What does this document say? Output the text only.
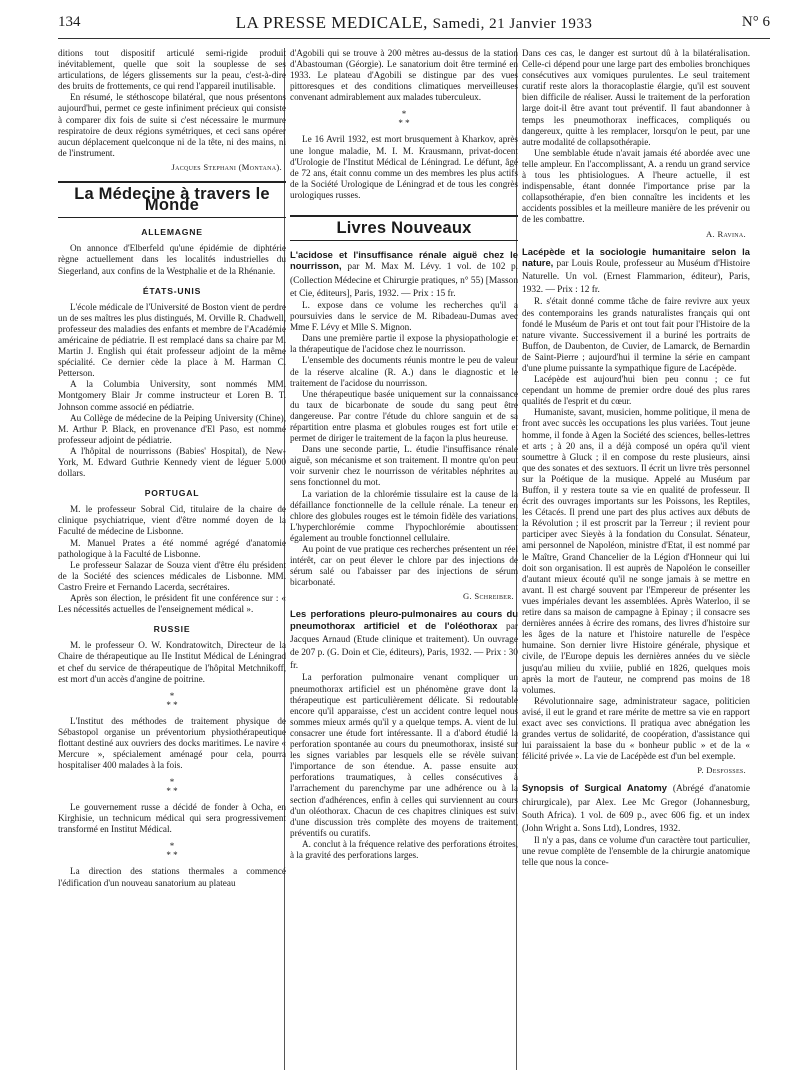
134	LA PRESSE MEDICALE, Samedi, 21 Janvier 1933	N° 6

ditions tout dispositif articulé semi-rigide produit inévitablement, quelle que soit la souplesse de ses articulations, de légers glissements sur la peau, c'est-à-dire des bruits de frottements, ce qui rend l'appareil inutilisable.

En résumé, le stéthoscope bilatéral, que nous présentons aujourd'hui, permet ce geste infiniment précieux qui consiste à comparer dix fois de suite si c'est nécessaire le murmure respiratoire de deux régions symétriques, et ceci sans opérer aucun déplacement quelconque ni de la tête, ni des mains, ni de l'instrument.

Jacques Stephani (Montana).
La Médecine à travers le Monde
ALLEMAGNE

On annonce d'Elberfeld qu'une épidémie de diphtérie règne actuellement dans les localités industrielles du Siegerland, aux confins de la Westphalie et de la Rhénanie.

ÉTATS-UNIS

L'école médicale de l'Université de Boston vient de perdre un de ses maîtres les plus distingués, M. Orville R. Chadwell, professeur des maladies des enfants et membre de l'Académie américaine de pédiatrie. Il est remplacé dans sa chaire par M. Martin J. English qui était professeur adjoint de la même spécialité. Ce dernier cède la place à M. Harman C. Petterson.

A la Columbia University, sont nommés MM. Montgomery Blair Jr comme instructeur et Loren B. T. Johnson comme associé en pédiatrie.

Au Collège de médecine de la Peiping University (Chine), M. Arthur P. Black, en provenance d'El Paso, est nommé professeur adjoint de pédiatrie.

A l'hôpital de nourrissons (Babies' Hospital), de New-York, M. Edward Guthrie Kennedy vient de léguer 5.000 dollars.

PORTUGAL

M. le professeur Sobral Cid, titulaire de la chaire de clinique psychiatrique, vient d'être nommé doyen de la Faculté de médecine de Lisbonne.

M. Manuel Prates a été nommé agrégé d'anatomie pathologique à la Faculté de Lisbonne.

Le professeur Salazar de Souza vient d'être élu président de la Société des sciences médicales de Lisbonne. MM. Castro Freire et Fernando Lacerda, secrétaires.

Après son élection, le président fit une conférence sur : « Les nécessités actuelles de l'enseignement médical ».

RUSSIE

M. le professeur O. W. Kondratowitch, Directeur de la Chaire de thérapeutique au IIe Institut Médical de Léningrad et chef du service de thérapeutique de l'hôpital Metchnikoff, est mort d'un accès d'angine de poitrine.

*
* *

L'Institut des méthodes de traitement physique de Sébastopol organise un préventorium physiothérapeutique flottant destiné aux ouvriers des docks maritimes. Le navire « Mercure », spécialement aménagé pour cela, pourra hospitaliser 400 malades à la fois.

*
* *

Le gouvernement russe a décidé de fonder à Ocha, en Kirghisie, un technicum médical qui sera progressivement transformé en Institut Médical.

*
* *

La direction des stations thermales a commencé l'édification d'un nouveau sanatorium au plateau

d'Agobili qui se trouve à 200 mètres au-dessus de la station d'Abastouman (Géorgie). Le sanatorium doit être terminé en 1933. Le plateau d'Agobili se distingue par des vues pittoresques et des conditions climatiques merveilleuses convenant admirablement aux malades tuberculeux.

*
* *

Le 16 Avril 1932, est mort brusquement à Kharkov, après une longue maladie, M. I. M. Krausmann, privat-docent d'Urologie de l'Institut Médical de Léningrad. Le défunt, âgé de 72 ans, était connu comme un des membres les plus actifs de la Société Urologique de Léningrad et de tous les congrès urologiques russes.

Livres Nouveaux
L'acidose et l'insuffisance rénale aiguë chez le nourrisson, par M. Max M. Lévy. 1 vol. de 102 p. (Collection Médecine et Chirurgie pratiques, n° 55) [Masson et Cie, éditeurs], Paris, 1932. — Prix : 15 fr.

L. expose dans ce volume les recherches qu'il a poursuivies dans le service de M. Ribadeau-Dumas avec Mme F. Lévy et Mlle S. Mignon.

Dans une première partie il expose la physiopathologie et la thérapeutique de l'acidose chez le nourrisson.

L'ensemble des documents réunis montre le peu de valeur de la réserve alcaline (R. A.) dans le diagnostic et le traitement de l'acidose du nourrisson.

Une thérapeutique basée uniquement sur la connaissance du taux de bicarbonate de soude du sang peut être dangereuse. Par contre l'étude du chlore sanguin et de sa répartition entre plasma et globules rouges est fort utile et permet de diriger le traitement de la façon la plus heureuse.

Dans une seconde partie, L. étudie l'insuffisance rénale aiguë, son mécanisme et son traitement. Il montre qu'on peut voir survenir chez le nourrisson de véritables néphrites au sens fonctionnel du mot.

La variation de la chlorémie tissulaire est la cause de la défaillance fonctionnelle de la cellule rénale. La teneur en chlore des globules rouges est le témoin fidèle des variations. L'hyperchlorémie comme l'hypochlorémie aboutissent également au trouble fonctionnel cellulaire.

Au point de vue pratique ces recherches présentent un réel intérêt, car on peut élever le chlore par des injections de sérum salé ou l'abaisser par des injections de sérum bicarbonaté.

G. Schreiber.
Les perforations pleuro-pulmonaires au cours du pneumothorax artificiel et de l'oléothorax par Jacques Arnaud (Etude clinique et traitement). Un ouvrage de 207 p. (G. Doin et Cie, éditeurs), Paris, 1932. — Prix : 30 fr.

La perforation pulmonaire venant compliquer un pneumothorax artificiel est un phénomène grave dont la thérapeutique est particulièrement délicate. Si redoutable encore qu'il apparaisse, c'est un accident contre lequel nous sommes mieux armés qu'il y a quelque temps. A. vient de lui consacrer une étude fort intéressante. Il a d'abord étudié la perforation spontanée au cours du pneumothorax, insisté sur les signes variables par lesquels elle se révèle suivant l'importance de son étendue. A. passe ensuite aux perforations traumatiques, à celles consécutives à l'arrachement du parenchyme par une adhérence ou à la section d'adhérences, enfin à celles qui surviennent au cours d'un oléothorax. Chacun de ces chapitres cliniques est suivi d'une discussion très complète des moyens de traitement, préventifs ou curatifs.

A. conclut à la fréquence relative des perforations étroites, à la gravité des perforations larges.

Dans ces cas, le danger est surtout dû à la bilatéralisation. Celle-ci dépend pour une large part des embolies bronchiques consécutives aux vomiques purulentes. Le seul traitement curatif reste alors la thoracoplastie élargie, qu'il est souvent bien difficile de réaliser. Aussi le traitement de la perforation large doit-il être avant tout préventif. Il faut abandonner à temps les pneumothorax inefficaces, compliqués ou dangereux, quitte à les remplacer, lorsqu'on le peut, par une autre modalité de collapsothérapie.

Une semblable étude n'avait jamais été abordée avec une telle ampleur. En l'accomplissant, A. a rendu un grand service à tous les phtisiologues. A l'heure actuelle, il est indispensable, étant donnée l'importance prise par la collapsothérapie, d'en bien connaître les incidents et les accidents possibles et la meilleure manière de les prévenir ou de les combattre.

A. Ravina.
Lacépède et la sociologie humanitaire selon la nature, par Louis Roule, professeur au Muséum d'Histoire Naturelle. Un vol. (Ernest Flammarion, éditeur), Paris, 1932. — Prix : 12 fr.

R. s'était donné comme tâche de faire revivre aux yeux des contemporains les grands naturalistes français qui ont fondé le Muséum de Paris et ont tout fait pour l'Histoire de la nature vivante. Successivement il a buriné les portraits de Buffon, de Daubenton, de Cuvier, de Lamarck, de Bernardin de Saint-Pierre ; aujourd'hui il termine la série en campant d'une plume puissante la sympathique figure de Lacépède.

Lacépède est aujourd'hui bien peu connu ; ce fut cependant un homme de premier ordre doué des plus rares qualités de l'esprit et du cœur.

Humaniste, savant, musicien, homme politique, il mena de front avec succès les occupations les plus variées. Tout jeune homme, il fonde à Agen la Société des sciences, belles-lettres et arts ; à 20 ans, il a déjà composé un opéra qu'il vient soumettre à Gluck ; il en compose du reste plusieurs, ainsi que des sonates et des sextuors. Il écrit un livre très personnel sur la Poétique de la musique. Appelé au Muséum par Buffon, il y restera toute sa vie en qualité de professeur. Il écrit des ouvrages importants sur les Poissons, les Reptiles, les Cétacés. Il prend une part des plus actives aux débuts de la Révolution ; il est proscrit par la Terreur ; il revient pour participer avec Sieyès à la fondation du Consulat. Sénateur, ami personnel de Napoléon, ministre d'Etat, il est nommé par le Maître, Grand Chancelier de la Légion d'Honneur qui lui doit son organisation. Il est auprès de Napoléon le conseiller d'autant mieux écouté qu'il ne songe jamais à se mettre en avant. Il est chargé souvent par l'Empereur de présenter les vues impériales devant les assemblées. Après Waterloo, il se retire dans sa maison de campagne à Epinay ; il consacre ses dernières années à écrire des romans, des livres d'histoire sur les âges de la nature et l'histoire naturelle de l'espèce humaine. Son dernier livre Histoire générale, physique et civile, de l'Europe depuis les dernières années du ve siècle jusqu'au milieu du xviiie, publié en 1826, quelques mois après la mort de l'auteur, ne comprend pas moins de 18 volumes.

Révolutionnaire sage, administrateur sagace, politicien avisé, il eut le grand et rare mérite de mettre sa vie en rapport exact avec ses convictions. Il pratiqua avec abnégation les grandes vertus de solidarité, de coopération, d'assistance qui lui paraissaient la base du « bonheur public » et de la « félicité privée ». La vie de Lacépède est d'un bel exemple.

P. Desfosses.
Synopsis of Surgical Anatomy (Abrégé d'anatomie chirurgicale), par Alex. Lee Mc Gregor (Johannesburg, South Africa). 1 vol. de 609 p., avec 606 fig. et un index (John Wright a. Sons Ltd), Londres, 1932.

Il n'y a pas, dans ce volume d'un caractère tout particulier, une revue complète de l'ensemble de la chirurgie anatomique telle que nous la conce-
